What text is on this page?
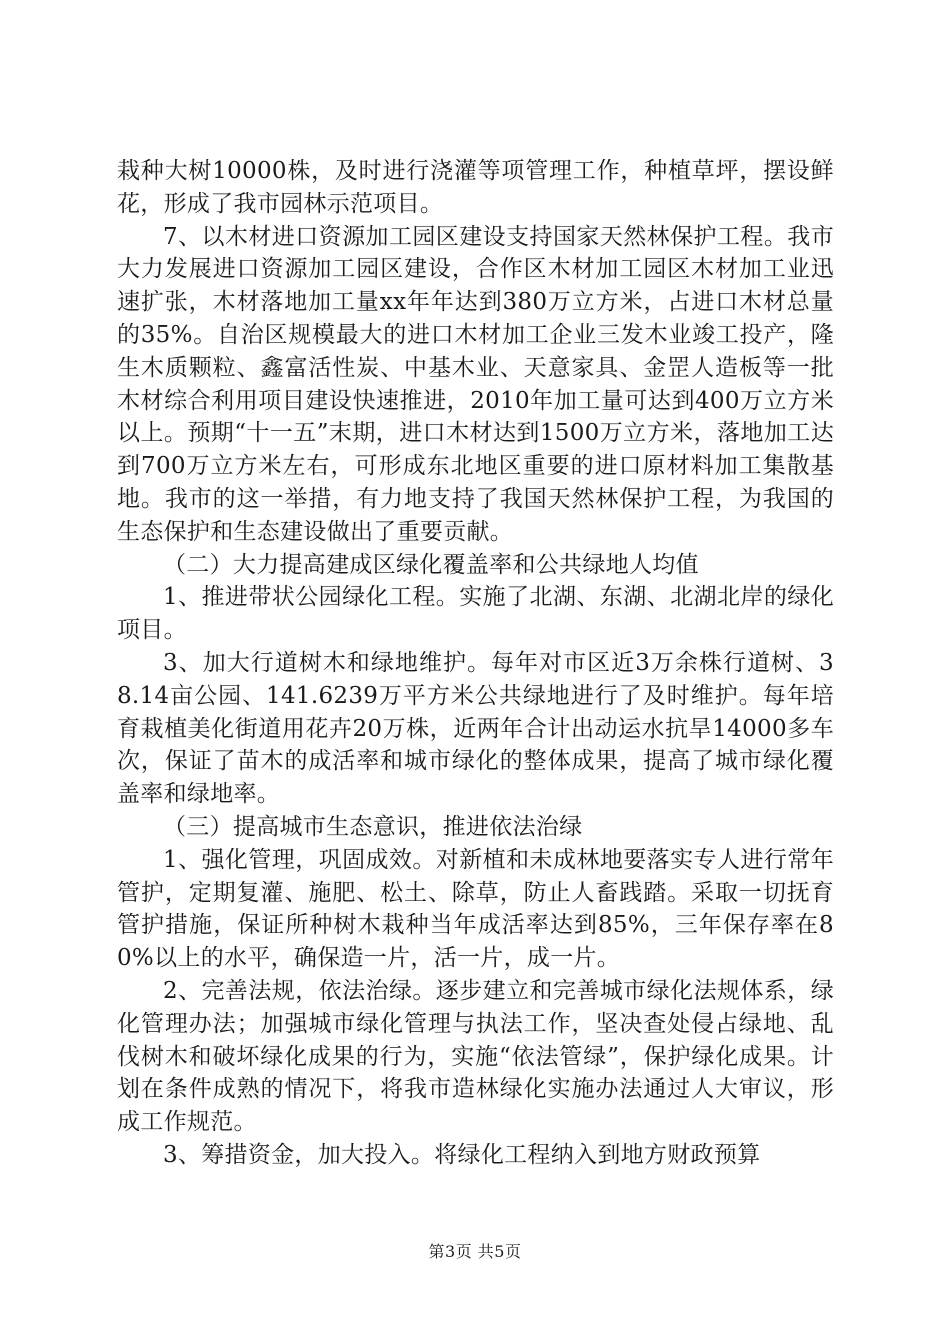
栽种大树10000株，及时进行浇灌等项管理工作，种植草坪，摆设鲜花，形成了我市园林示范项目。

7、以木材进口资源加工园区建设支持国家天然林保护工程。我市大力发展进口资源加工园区建设，合作区木材加工园区木材加工业迅速扩张，木材落地加工量xx年年达到380万立方米，占进口木材总量的35%。自治区规模最大的进口木材加工企业三发木业竣工投产，隆生木质颗粒、鑫富活性炭、中基木业、天意家具、金罡人造板等一批木材综合利用项目建设快速推进，2010年加工量可达到400万立方米以上。预期“十一五”末期，进口木材达到1500万立方米，落地加工达到700万立方米左右，可形成东北地区重要的进口原材料加工集散基地。我市的这一举措，有力地支持了我国天然林保护工程，为我国的生态保护和生态建设做出了重要贡献。

（二）大力提高建成区绿化覆盖率和公共绿地人均值

1、推进带状公园绿化工程。实施了北湖、东湖、北湖北岸的绿化项目。

3、加大行道树木和绿地维护。每年对市区近3万余株行道树、38.14亩公园、141.6239万平方米公共绿地进行了及时维护。每年培育栽植美化街道用花卉20万株，近两年合计出动运水抗旱14000多车次，保证了苗木的成活率和城市绿化的整体成果，提高了城市绿化覆盖率和绿地率。

（三）提高城市生态意识，推进依法治绿

1、强化管理，巩固成效。对新植和未成林地要落实专人进行常年管护，定期复灌、施肥、松土、除草，防止人畜践踏。采取一切抚育管护措施，保证所种树木栽种当年成活率达到85%，三年保存率在80%以上的水平，确保造一片，活一片，成一片。

2、完善法规，依法治绿。逐步建立和完善城市绿化法规体系，绿化管理办法；加强城市绿化管理与执法工作，坚决查处侵占绿地、乱伐树木和破坏绿化成果的行为，实施“依法管绿”，保护绿化成果。计划在条件成熟的情况下，将我市造林绿化实施办法通过人大审议，形成工作规范。

3、筹措资金，加大投入。将绿化工程纳入到地方财政预算

第3页 共5页
